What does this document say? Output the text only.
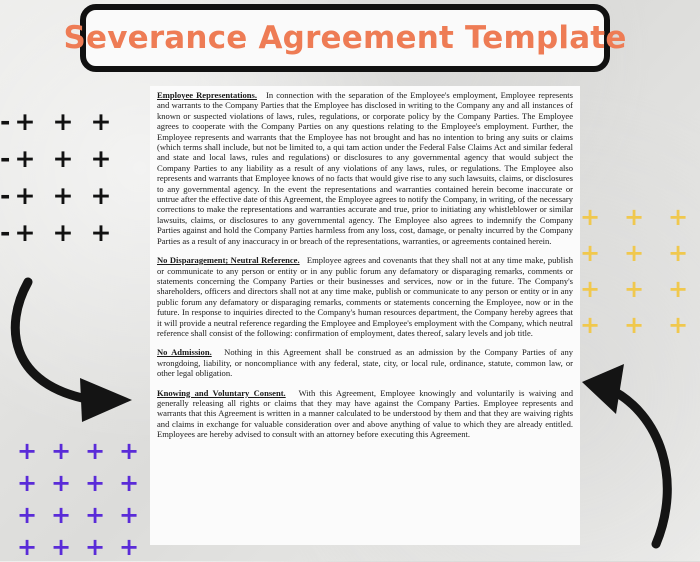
Severance Agreement Template
- + + +
- + + +
- + + +
- + + +
+ + +
+ + +
+ + +
+ + +
+ + + +
+ + + +
+ + + +
+ + + +

Employee Representations. In connection with the separation of the Employee's employment, Employee represents and warrants to the Company Parties that the Employee has disclosed in writing to the Company any and all instances of known or suspected violations of laws, rules, regulations, or corporate policy by the Company Parties. The Employee agrees to cooperate with the Company Parties on any questions relating to the Employee's employment. Further, the Employee represents and warrants that the Employee has not brought and has no intention to bring any suits or claims (which terms shall include, but not be limited to, a qui tam action under the Federal False Claims Act and similar federal and state and local laws, rules and regulations) or disclosures to any governmental agency that would subject the Company Parties to any liability as a result of any violations of any laws, rules, or regulations. The Employee also represents and warrants that Employee knows of no facts that would give rise to any such lawsuits, claims, or disclosures to any governmental agency. In the event the representations and warranties contained herein become inaccurate or untrue after the effective date of this Agreement, the Employee agrees to notify the Company, in writing, of the necessary corrections to make the representations and warranties accurate and true, prior to initiating any whistleblower or similar lawsuits, claims, or disclosures to any governmental agency. The Employee also agrees to indemnify the Company Parties against and hold the Company Parties harmless from any loss, cost, damage, or penalty incurred by the Company Parties as a result of any inaccuracy in or breach of the representations, warranties, or agreements contained herein.

No Disparagement; Neutral Reference. Employee agrees and covenants that they shall not at any time make, publish or communicate to any person or entity or in any public forum any defamatory or disparaging remarks, comments or statements concerning the Company Parties or their businesses and services, now or in the future. The Company's shareholders, officers and directors shall not at any time make, publish or communicate to any person or entity or in any public forum any defamatory or disparaging remarks, comments or statements concerning the Employee, now or in the future. In response to inquiries directed to the Company's human resources department, the Company hereby agrees that it will provide a neutral reference regarding the Employee and Employee's employment with the Company, which neutral reference shall consist of the following: confirmation of employment, dates thereof, salary levels and job title.

No Admission. Nothing in this Agreement shall be construed as an admission by the Company Parties of any wrongdoing, liability, or noncompliance with any federal, state, city, or local rule, ordinance, statute, common law, or other legal obligation.

Knowing and Voluntary Consent. With this Agreement, Employee knowingly and voluntarily is waiving and generally releasing all rights or claims that they may have against the Company Parties. Employee represents and warrants that this Agreement is written in a manner calculated to be understood by them and that they are waiving rights and claims in exchange for valuable consideration over and above anything of value to which they are already entitled. Employees are hereby advised to consult with an attorney before executing this Agreement.
